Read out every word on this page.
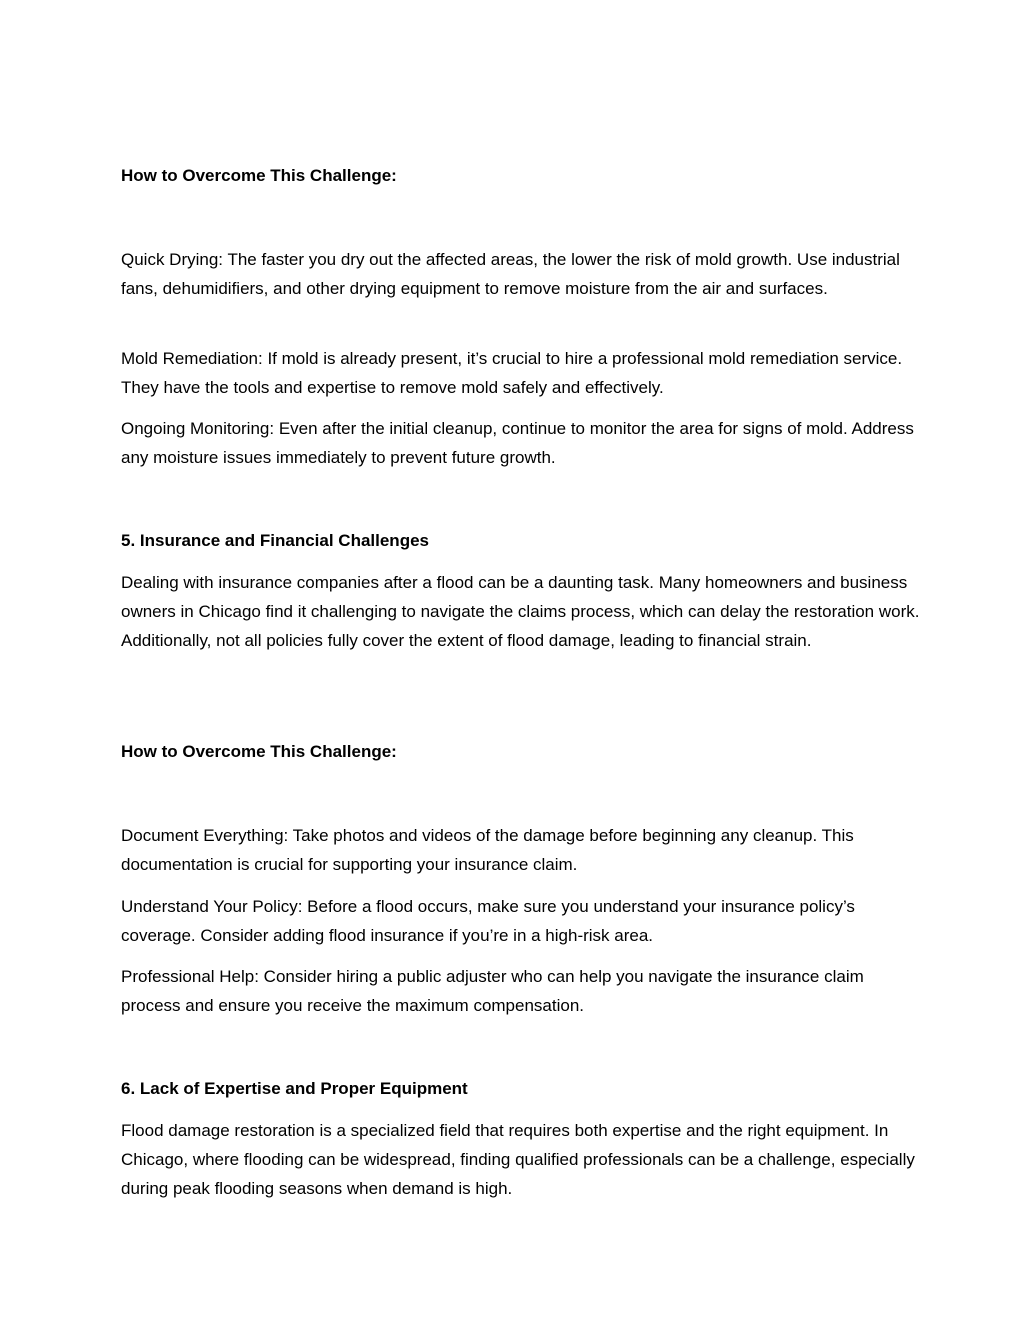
How to Overcome This Challenge:

Quick Drying: The faster you dry out the affected areas, the lower the risk of mold growth. Use industrial fans, dehumidifiers, and other drying equipment to remove moisture from the air and surfaces.

Mold Remediation: If mold is already present, it’s crucial to hire a professional mold remediation service. They have the tools and expertise to remove mold safely and effectively.

Ongoing Monitoring: Even after the initial cleanup, continue to monitor the area for signs of mold. Address any moisture issues immediately to prevent future growth.

5. Insurance and Financial Challenges

Dealing with insurance companies after a flood can be a daunting task. Many homeowners and business owners in Chicago find it challenging to navigate the claims process, which can delay the restoration work. Additionally, not all policies fully cover the extent of flood damage, leading to financial strain.

How to Overcome This Challenge:

Document Everything: Take photos and videos of the damage before beginning any cleanup. This documentation is crucial for supporting your insurance claim.

Understand Your Policy: Before a flood occurs, make sure you understand your insurance policy’s coverage. Consider adding flood insurance if you’re in a high-risk area.

Professional Help: Consider hiring a public adjuster who can help you navigate the insurance claim process and ensure you receive the maximum compensation.

6. Lack of Expertise and Proper Equipment

Flood damage restoration is a specialized field that requires both expertise and the right equipment. In Chicago, where flooding can be widespread, finding qualified professionals can be a challenge, especially during peak flooding seasons when demand is high.
